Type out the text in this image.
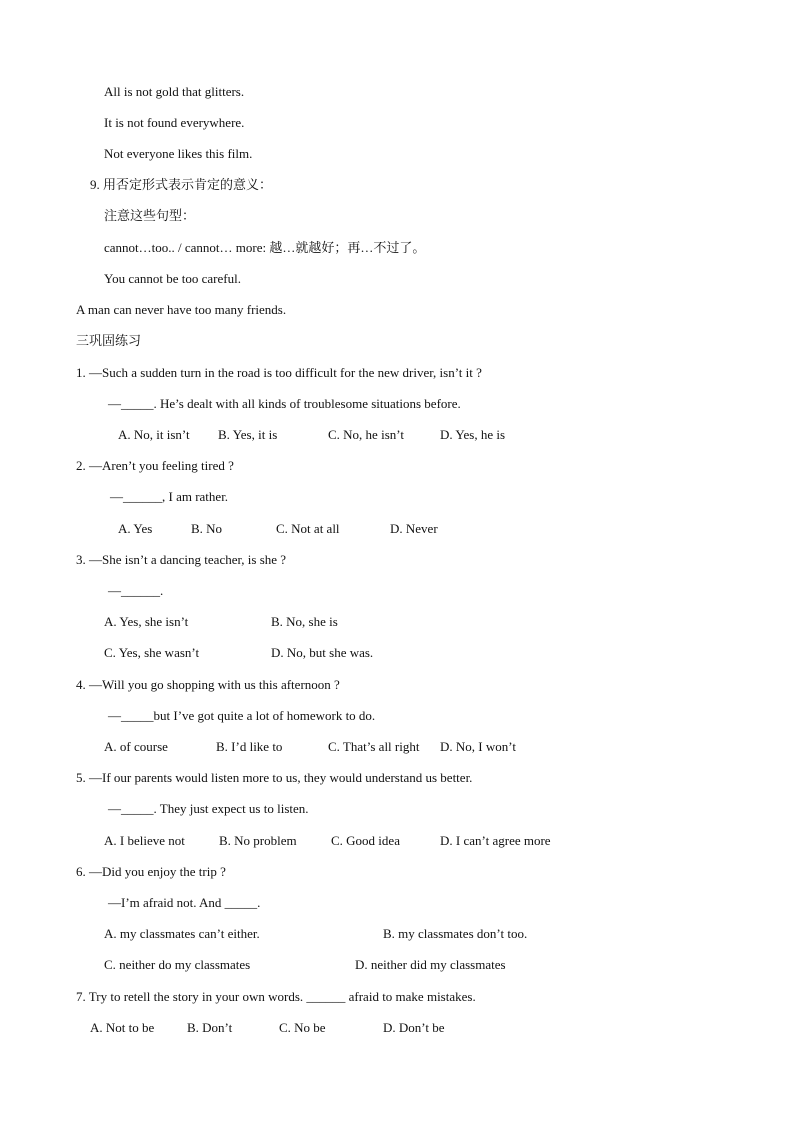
All is not gold that glitters.
It is not found everywhere.
Not everyone likes this film.
9. 用否定形式表示肯定的意义：
注意这些句型：
cannot…too.. / cannot… more: 越…就越好；再…不过了。
You cannot be too careful.
A man can never have too many friends.
三巩固练习
1. —Such a sudden turn in the road is too difficult for the new driver, isn’t it ?
—_____. He’s dealt with all kinds of troublesome situations before.
A. No, it isn’t B. Yes, it is	C. No, he isn’t	D. Yes, he is
2. —Aren’t you feeling tired ?
—______, I am rather.
A. Yes	B. No	C. Not at all	D. Never
3. —She isn’t a dancing teacher, is she ?
—______.
A. Yes, she isn’t	B. No, she is
C. Yes, she wasn’t	D. No, but she was.
4. —Will you go shopping with us this afternoon ?
—_____but I’ve got quite a lot of homework to do.
A. of course	B. I’d like to	C. That’s all right D. No, I won’t
5. —If our parents would listen more to us, they would understand us better.
—_____. They just expect us to listen.
A. I believe not	B. No problem	C. Good idea	D. I can’t agree more
6. —Did you enjoy the trip ?
—I’m afraid not. And _____.
A. my classmates can’t either.	B. my classmates don’t too.
C. neither do my classmates	D. neither did my classmates
7. Try to retell the story in your own words. ______ afraid to make mistakes.
A. Not to be	B. Don’t	C. No be	D. Don’t be
